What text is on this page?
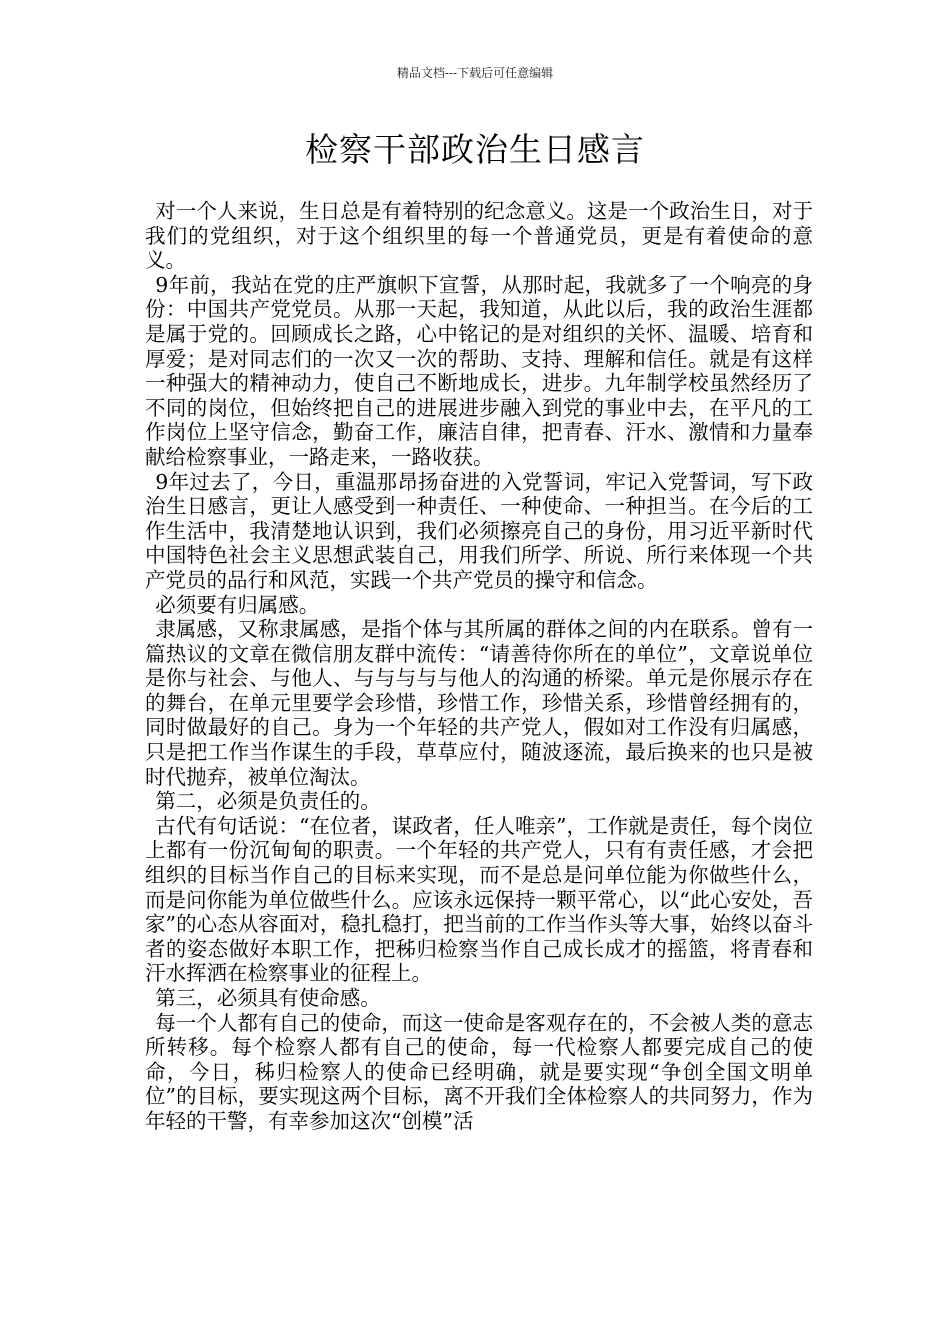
精品文档---下载后可任意编辑
检察干部政治生日感言

对一个人来说，生日总是有着特别的纪念意义。这是一个政治生日，对于我们的党组织，对于这个组织里的每一个普通党员，更是有着使命的意义。

9年前，我站在党的庄严旗帜下宣誓，从那时起，我就多了一个响亮的身份：中国共产党党员。从那一天起，我知道，从此以后，我的政治生涯都是属于党的。回顾成长之路，心中铭记的是对组织的关怀、温暖、培育和厚爱；是对同志们的一次又一次的帮助、支持、理解和信任。就是有这样一种强大的精神动力，使自己不断地成长，进步。九年制学校虽然经历了不同的岗位，但始终把自己的进展进步融入到党的事业中去，在平凡的工作岗位上坚守信念，勤奋工作，廉洁自律，把青春、汗水、激情和力量奉献给检察事业，一路走来，一路收获。

9年过去了，今日，重温那昂扬奋进的入党誓词，牢记入党誓词，写下政治生日感言，更让人感受到一种责任、一种使命、一种担当。在今后的工作生活中，我清楚地认识到，我们必须擦亮自己的身份，用习近平新时代中国特色社会主义思想武装自己，用我们所学、所说、所行来体现一个共产党员的品行和风范，实践一个共产党员的操守和信念。

必须要有归属感。

隶属感，又称隶属感，是指个体与其所属的群体之间的内在联系。曾有一篇热议的文章在微信朋友群中流传：“请善待你所在的单位”，文章说单位是你与社会、与他人、与与与与与他人的沟通的桥梁。单元是你展示存在的舞台，在单元里要学会珍惜，珍惜工作，珍惜关系，珍惜曾经拥有的，同时做最好的自己。身为一个年轻的共产党人，假如对工作没有归属感，只是把工作当作谋生的手段，草草应付，随波逐流，最后换来的也只是被时代抛弃，被单位淘汰。

第二，必须是负责任的。

古代有句话说：“在位者，谋政者，任人唯亲”，工作就是责任，每个岗位上都有一份沉甸甸的职责。一个年轻的共产党人，只有有责任感，才会把组织的目标当作自己的目标来实现，而不是总是问单位能为你做些什么，而是问你能为单位做些什么。应该永远保持一颗平常心，以“此心安处，吾家”的心态从容面对，稳扎稳打，把当前的工作当作头等大事，始终以奋斗者的姿态做好本职工作，把秭归检察当作自己成长成才的摇篮，将青春和汗水挥洒在检察事业的征程上。

第三，必须具有使命感。

每一个人都有自己的使命，而这一使命是客观存在的，不会被人类的意志所转移。每个检察人都有自己的使命，每一代检察人都要完成自己的使命，今日，秭归检察人的使命已经明确，就是要实现“争创全国文明单位”的目标，要实现这两个目标，离不开我们全体检察人的共同努力，作为年轻的干警，有幸参加这次“创模”活
